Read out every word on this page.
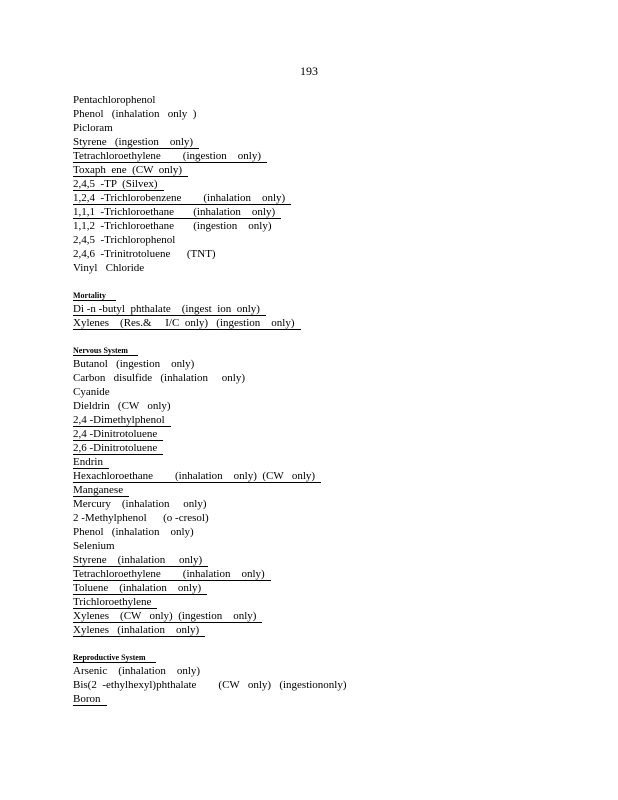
193
Pentachlorophenol
Phenol   (inhalation   only  )
Picloram
Styrene   (ingestion    only)
Tetrachloroethylene        (ingestion    only)
Toxaph  ene  (CW  only)
2,4,5  -TP  (Silvex)
1,2,4  -Trichlorobenzene        (inhalation    only)
1,1,1  -Trichloroethane       (inhalation    only)
1,1,2  -Trichloroethane       (ingestion    only)
2,4,5  -Trichlorophenol
2,4,6  -Trinitrotoluene      (TNT)
Vinyl   Chloride
Mortality
Di -n -butyl  phthalate    (ingest  ion  only)
Xylenes    (Res.&     I/C  only)   (ingestion    only)
Nervous System
Butanol   (ingestion    only)
Carbon   disulfide   (inhalation     only)
Cyanide
Dieldrin   (CW   only)
2,4 -Dimethylphenol
2,4 -Dinitrotoluene
2,6 -Dinitrotoluene
Endrin
Hexachloroethane        (inhalation    only)  (CW   only)
Manganese
Mercury    (inhalation     only)
2 -Methylphenol      (o -cresol)
Phenol   (inhalation    only)
Selenium
Styrene    (inhalation     only)
Tetrachloroethylene        (inhalation    only)
Toluene    (inhalation    only)
Trichloroethylene
Xylenes    (CW   only)  (ingestion    only)
Xylenes   (inhalation    only)
Reproductive System
Arsenic    (inhalation    only)
Bis(2  -ethylhexyl)phthalate        (CW   only)   (ingestiononly)
Boron
